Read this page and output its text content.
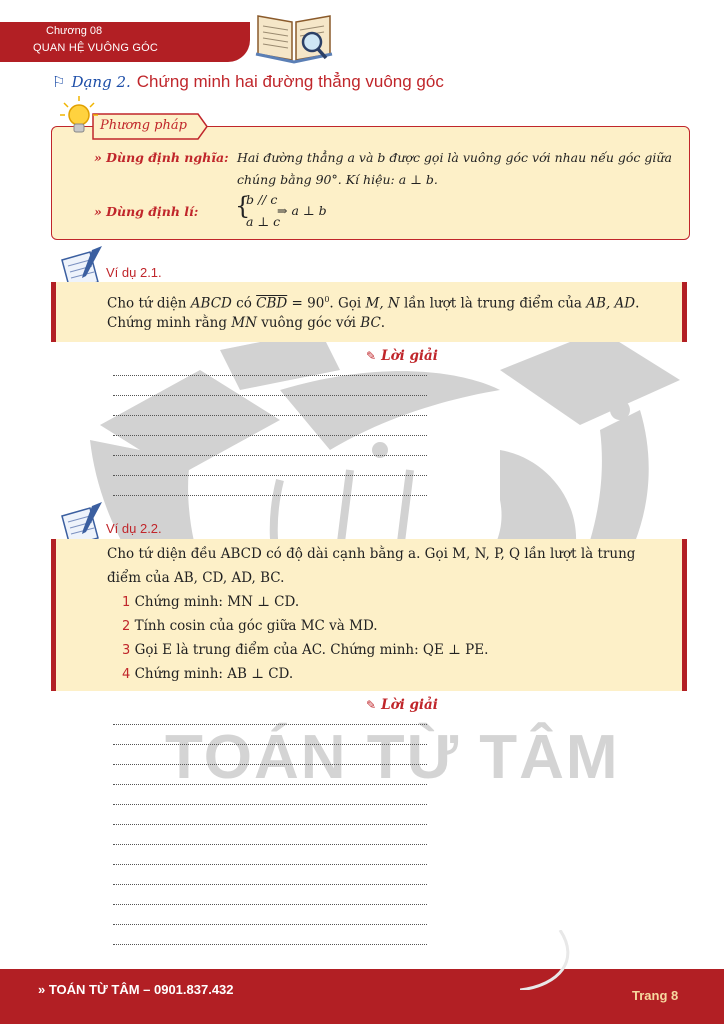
TOÁN TỪ TÂM
Chương 08
QUAN HỆ VUÔNG GÓC
⚐ Dạng 2. Chứng minh hai đường thẳng vuông góc
Phương pháp
» Dùng định nghĩa: Hai đường thẳng a và b được gọi là vuông góc với nhau nếu góc giữa
chúng bằng 90°. Kí hiệu: a ⊥ b.
» Dùng định lí: {
b // c
a ⊥ c
⇒ a ⊥ b
Ví dụ 2.1.
Cho tứ diện ABCD có $\overline{CBD} = 90^0$. Gọi M, N lần lượt là trung điểm của AB, AD.
Chứng minh rằng MN vuông góc với BC.
✎ Lời giải
Ví dụ 2.2.
Cho tứ diện đều ABCD có độ dài cạnh bằng a. Gọi M, N, P, Q lần lượt là trung
điểm của AB, CD, AD, BC.
1 Chứng minh: MN ⊥ CD.
2 Tính cosin của góc giữa MC và MD.
3 Gọi E là trung điểm của AC. Chứng minh: QE ⊥ PE.
4 Chứng minh: AB ⊥ CD.
✎ Lời giải
» TOÁN TỪ TÂM – 0901.837.432	Trang 8
